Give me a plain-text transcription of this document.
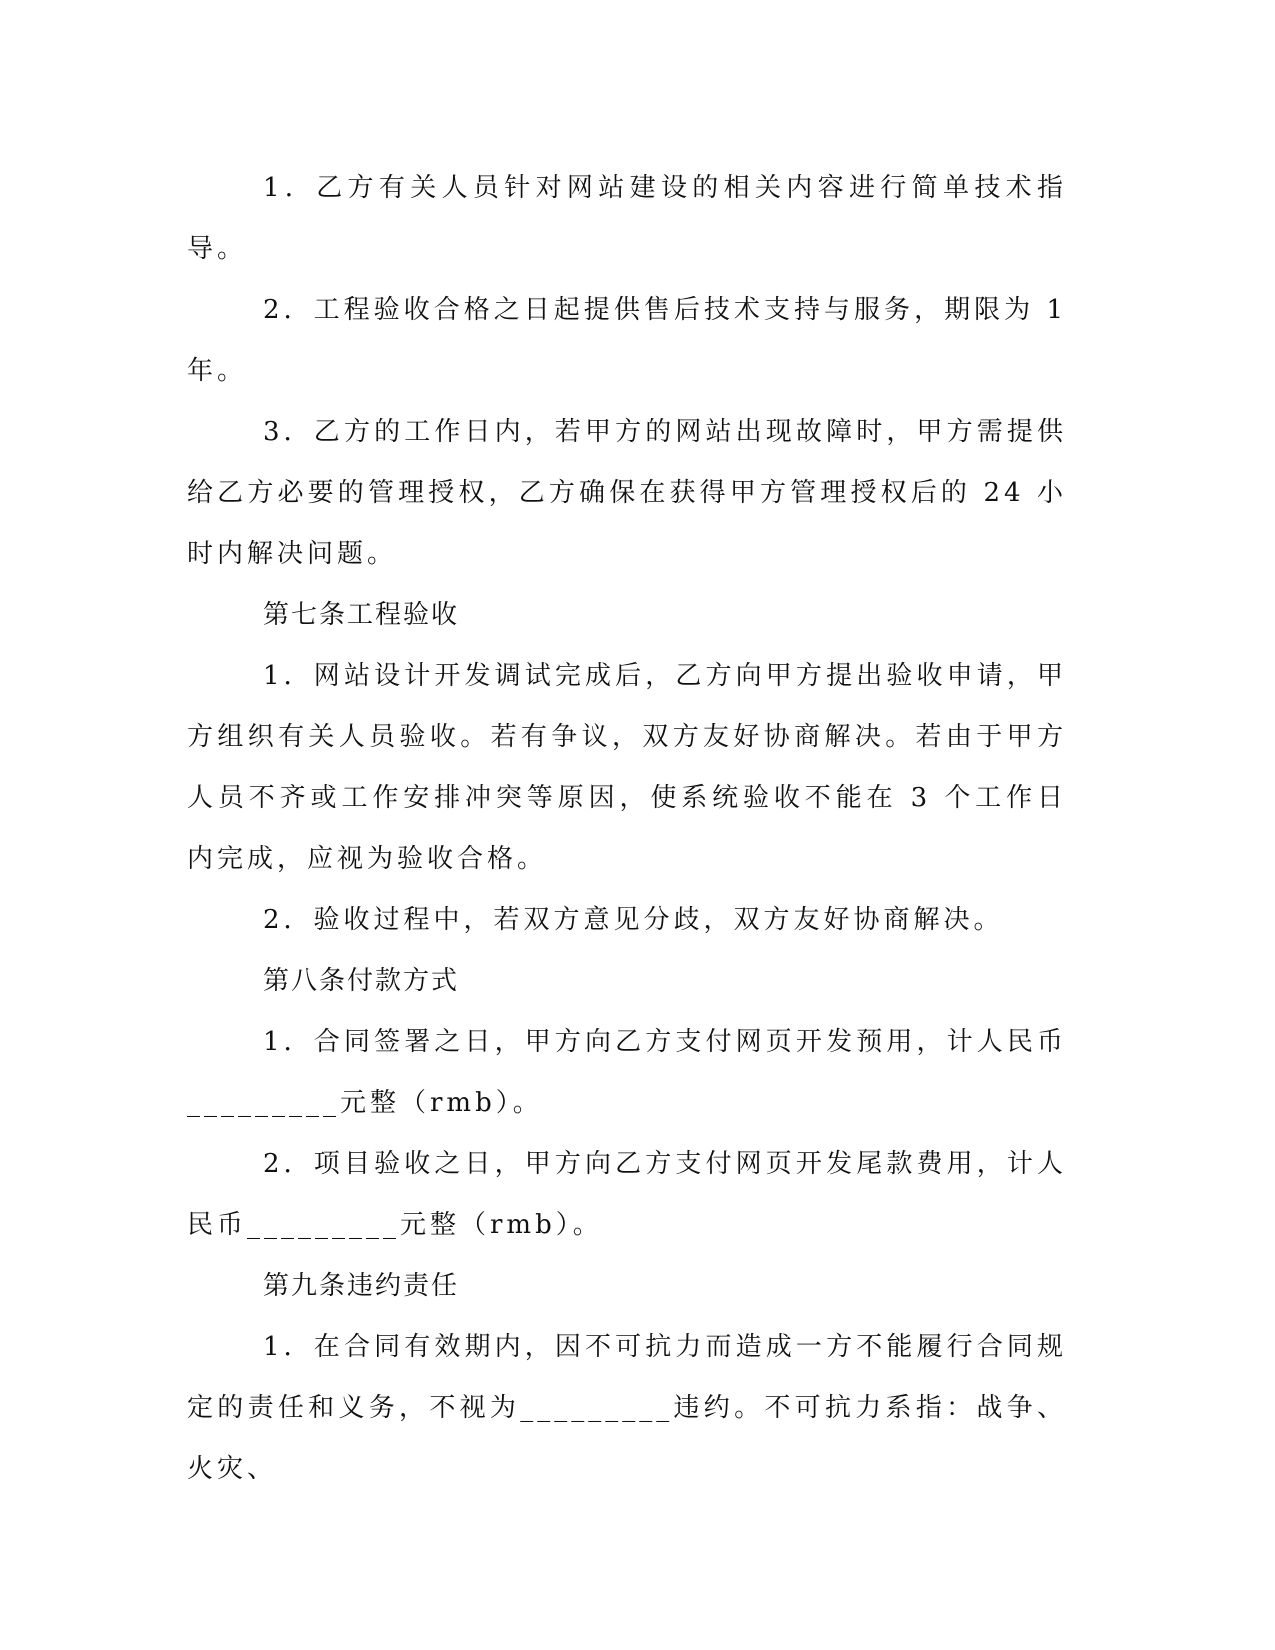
1．乙方有关人员针对网站建设的相关内容进行简单技术指导。

2．工程验收合格之日起提供售后技术支持与服务，期限为 1 年。

3．乙方的工作日内，若甲方的网站出现故障时，甲方需提供给乙方必要的管理授权，乙方确保在获得甲方管理授权后的 24 小时内解决问题。

第七条工程验收

1．网站设计开发调试完成后，乙方向甲方提出验收申请，甲方组织有关人员验收。若有争议，双方友好协商解决。若由于甲方人员不齐或工作安排冲突等原因，使系统验收不能在 3 个工作日内完成，应视为验收合格。

2．验收过程中，若双方意见分歧，双方友好协商解决。

第八条付款方式

1．合同签署之日，甲方向乙方支付网页开发预用，计人民币_________元整（rmb）。

2．项目验收之日，甲方向乙方支付网页开发尾款费用，计人民币_________元整（rmb）。

第九条违约责任

1．在合同有效期内，因不可抗力而造成一方不能履行合同规定的责任和义务，不视为_________违约。不可抗力系指：战争、火灾、
